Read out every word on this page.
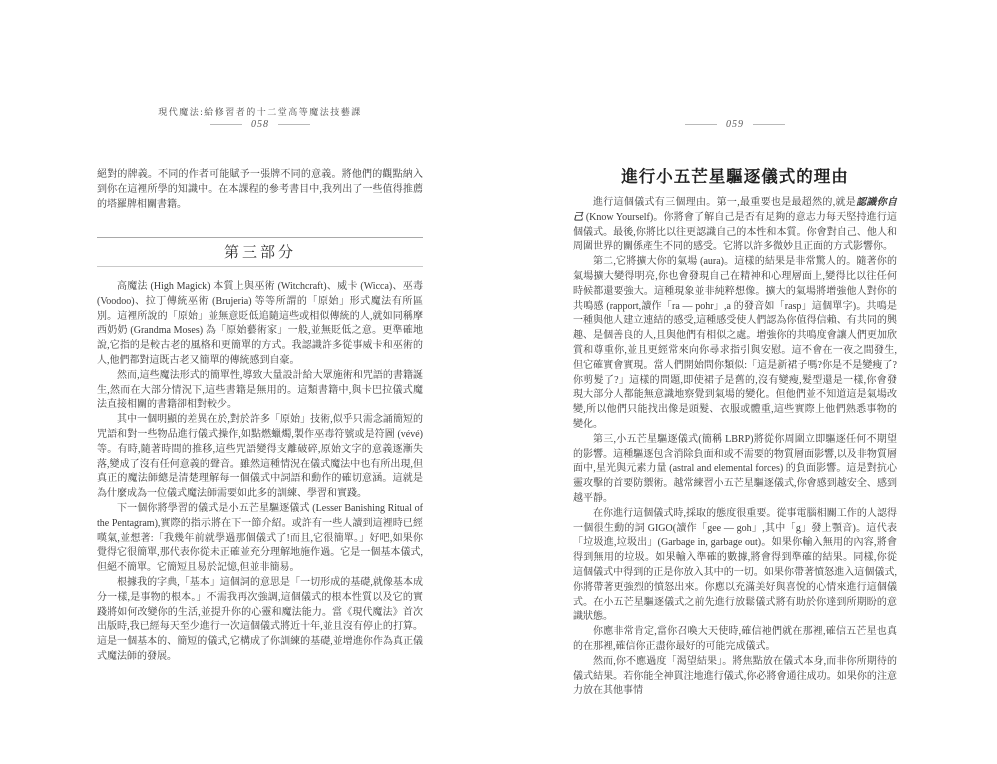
現代魔法:給修習者的十二堂高等魔法技藝課
058
絕對的牌義。不同的作者可能賦予一張牌不同的意義。將他們的觀點納入到你在這裡所學的知識中。在本課程的參考書目中,我列出了一些值得推薦的塔羅牌相關書籍。
第三部分

高魔法 (High Magick) 本質上與巫術 (Witchcraft)、威卡 (Wicca)、巫毒 (Voodoo)、拉丁傳統巫術 (Brujeria) 等等所謂的「原始」形式魔法有所區別。這裡所說的「原始」並無意貶低追隨這些或相似傳統的人,就如同稱摩西奶奶 (Grandma Moses) 為「原始藝術家」一般,並無貶低之意。更準確地說,它指的是較古老的風格和更簡單的方式。我認識許多從事威卡和巫術的人,他們都對這既古老又簡單的傳統感到自豪。

然而,這些魔法形式的簡單性,導致大量設計給大眾施術和咒語的書籍誕生,然而在大部分情況下,這些書籍是無用的。這類書籍中,與卡巴拉儀式魔法直接相關的書籍卻相對較少。

其中一個明顯的差異在於,對於許多「原始」技術,似乎只需念誦簡短的咒語和對一些物品進行儀式操作,如點燃蠟燭,製作巫毒符號或是符圖 (vévé) 等。有時,隨著時間的推移,這些咒語變得支離破碎,原始文字的意義逐漸失落,變成了沒有任何意義的聲音。雖然這種情況在儀式魔法中也有所出現,但真正的魔法師總是清楚理解每一個儀式中詞語和動作的確切意涵。這就是為什麼成為一位儀式魔法師需要如此多的訓練、學習和實踐。

下一個你將學習的儀式是小五芒星驅逐儀式 (Lesser Banishing Ritual of the Pentagram),實際的指示將在下一節介紹。或許有一些人讀到這裡時已經嘆氣,並想著:「我幾年前就學過那個儀式了!而且,它很簡單。」好吧,如果你覺得它很簡單,那代表你從未正確並充分理解地施作過。它是一個基本儀式,但絕不簡單。它簡短且易於記憶,但並非簡易。

根據我的字典,「基本」這個詞的意思是「一切形成的基礎,就像基本成分一樣,是事物的根本。」不需我再次強調,這個儀式的根本性質以及它的實踐將如何改變你的生活,並提升你的心靈和魔法能力。當《現代魔法》首次出版時,我已經每天至少進行一次這個儀式將近十年,並且沒有停止的打算。這是一個基本的、簡短的儀式,它構成了你訓練的基礎,並增進你作為真正儀式魔法師的發展。

059
進行小五芒星驅逐儀式的理由

進行這個儀式有三個理由。第一,最重要也是最超然的,就是認識你自己 (Know Yourself)。你將會了解自己是否有足夠的意志力每天堅持進行這個儀式。最後,你將比以往更認識自己的本性和本質。你會對自己、他人和周圍世界的關係產生不同的感受。它將以許多微妙且正面的方式影響你。

第二,它將擴大你的氣場 (aura)。這樣的結果是非常驚人的。隨著你的氣場擴大變得明亮,你也會發現自己在精神和心理層面上,變得比以往任何時候都還要強大。這種現象並非純粹想像。擴大的氣場將增強他人對你的共鳴感 (rapport,讀作「ra — pohr」,a 的發音如「rasp」這個單字)。共鳴是一種與他人建立連結的感受,這種感受使人們認為你值得信賴、有共同的興趣、是個善良的人,且與他們有相似之處。增強你的共鳴度會讓人們更加欣賞和尊重你,並且更經常來向你尋求指引與安慰。這不會在一夜之間發生,但它確實會實現。當人們開始問你類似:「這是新裙子嗎?你是不是變瘦了?你剪髮了?」這樣的問題,即使裙子是舊的,沒有變瘦,髮型還是一樣,你會發現大部分人都能無意識地察覺到氣場的變化。但他們並不知道這是氣場改變,所以他們只能找出像是頭髮、衣服或體重,這些實際上他們熟悉事物的變化。

第三,小五芒星驅逐儀式(簡稱 LBRP)將從你周圍立即驅逐任何不期望的影響。這種驅逐包含消除負面和或不需要的物質層面影響,以及非物質層面中,星光與元素力量 (astral and elemental forces) 的負面影響。這是對抗心靈攻擊的首要防禦術。越常練習小五芒星驅逐儀式,你會感到越安全、感到越平靜。

在你進行這個儀式時,採取的態度很重要。從事電腦相關工作的人認得一個很生動的詞 GIGO(讀作「gee — goh」,其中「g」發上顎音)。這代表「垃圾進,垃圾出」(Garbage in, garbage out)。如果你輸入無用的內容,將會得到無用的垃圾。如果輸入準確的數據,將會得到準確的結果。同樣,你從這個儀式中得到的正是你放入其中的一切。如果你帶著憤怒進入這個儀式,你將帶著更強烈的憤怒出來。你應以充滿美好與喜悅的心情來進行這個儀式。在小五芒星驅逐儀式之前先進行放鬆儀式將有助於你達到所期盼的意識狀態。

你應非常肯定,當你召喚大天使時,確信祂們就在那裡,確信五芒星也真的在那裡,確信你正盡你最好的可能完成儀式。

然而,你不應過度「渴望結果」。將焦點放在儀式本身,而非你所期待的儀式結果。若你能全神貫注地進行儀式,你必將會通往成功。如果你的注意力放在其他事情
